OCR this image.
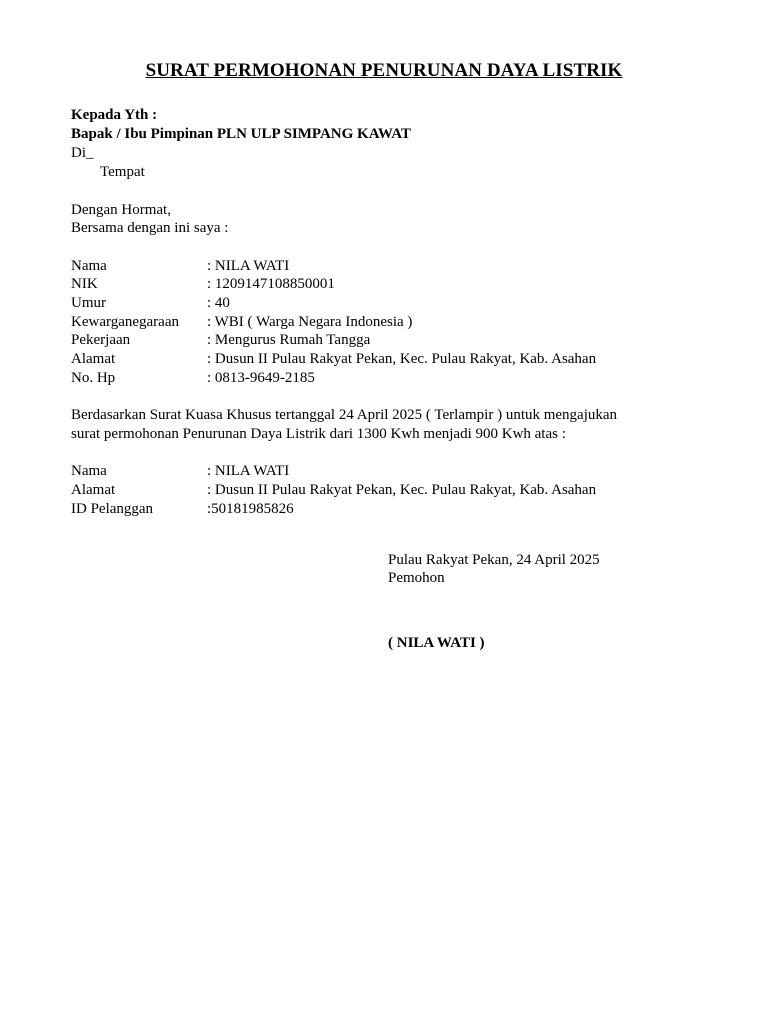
SURAT PERMOHONAN PENURUNAN DAYA LISTRIK
Kepada Yth :
Bapak / Ibu Pimpinan PLN ULP SIMPANG KAWAT
Di_
Tempat
Dengan Hormat,
Bersama dengan ini saya :
Nama	: NILA WATI
NIK	: 1209147108850001
Umur	: 40
Kewarganegaraan : WBI ( Warga Negara Indonesia )
Pekerjaan	: Mengurus Rumah Tangga
Alamat	: Dusun II Pulau Rakyat Pekan, Kec. Pulau Rakyat, Kab. Asahan
No. Hp	: 0813-9649-2185
Berdasarkan Surat Kuasa Khusus tertanggal 24 April 2025 ( Terlampir ) untuk mengajukan
surat permohonan Penurunan Daya Listrik dari 1300 Kwh menjadi 900 Kwh atas :
Nama	: NILA WATI
Alamat	: Dusun II Pulau Rakyat Pekan, Kec. Pulau Rakyat, Kab. Asahan
ID Pelanggan	:50181985826
Pulau Rakyat Pekan, 24 April 2025
Pemohon
( NILA WATI )
